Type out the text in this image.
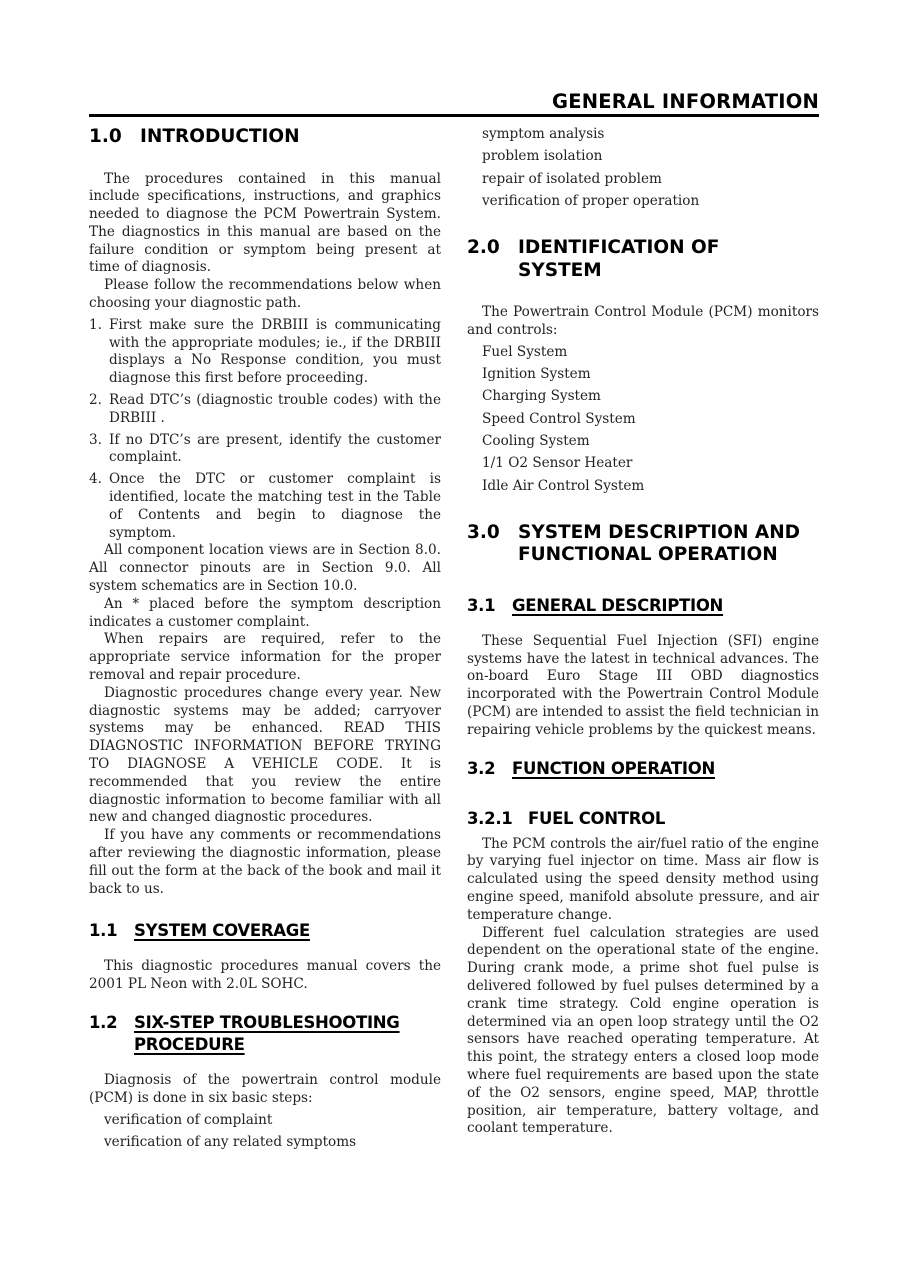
GENERAL INFORMATION
1.0 INTRODUCTION

The procedures contained in this manual include specifications, instructions, and graphics needed to diagnose the PCM Powertrain System. The diagnostics in this manual are based on the failure condition or symptom being present at time of diagnosis.

Please follow the recommendations below when choosing your diagnostic path.

1. First make sure the DRBIII is communicating with the appropriate modules; ie., if the DRBIII displays a No Response condition, you must diagnose this first before proceeding.
2. Read DTC’s (diagnostic trouble codes) with the DRBIII .
3. If no DTC’s are present, identify the customer complaint.
4. Once the DTC or customer complaint is identified, locate the matching test in the Table of Contents and begin to diagnose the symptom.

All component location views are in Section 8.0. All connector pinouts are in Section 9.0. All system schematics are in Section 10.0.

An * placed before the symptom description indicates a customer complaint.

When repairs are required, refer to the appropriate service information for the proper removal and repair procedure.

Diagnostic procedures change every year. New diagnostic systems may be added; carryover systems may be enhanced. READ THIS DIAGNOSTIC INFORMATION BEFORE TRYING TO DIAGNOSE A VEHICLE CODE. It is recommended that you review the entire diagnostic information to become familiar with all new and changed diagnostic procedures.

If you have any comments or recommendations after reviewing the diagnostic information, please fill out the form at the back of the book and mail it back to us.

1.1	SYSTEM COVERAGE

This diagnostic procedures manual covers the 2001 PL Neon with 2.0L SOHC.

1.2	SIX-STEP TROUBLESHOOTING
PROCEDURE

Diagnosis of the powertrain control module (PCM) is done in six basic steps:

verification of complaint
verification of any related symptoms
symptom analysis
problem isolation
repair of isolated problem
verification of proper operation
2.0 IDENTIFICATION OF
SYSTEM

The Powertrain Control Module (PCM) monitors and controls:

Fuel System
Ignition System
Charging System
Speed Control System
Cooling System
1/1 O2 Sensor Heater
Idle Air Control System
3.0 SYSTEM DESCRIPTION AND
FUNCTIONAL OPERATION
3.1	GENERAL DESCRIPTION

These Sequential Fuel Injection (SFI) engine systems have the latest in technical advances. The on-board Euro Stage III OBD diagnostics incorporated with the Powertrain Control Module (PCM) are intended to assist the field technician in repairing vehicle problems by the quickest means.

3.2	FUNCTION OPERATION
3.2.1 FUEL CONTROL

The PCM controls the air/fuel ratio of the engine by varying fuel injector on time. Mass air flow is calculated using the speed density method using engine speed, manifold absolute pressure, and air temperature change.

Different fuel calculation strategies are used dependent on the operational state of the engine. During crank mode, a prime shot fuel pulse is delivered followed by fuel pulses determined by a crank time strategy. Cold engine operation is determined via an open loop strategy until the O2 sensors have reached operating temperature. At this point, the strategy enters a closed loop mode where fuel requirements are based upon the state of the O2 sensors, engine speed, MAP, throttle position, air temperature, battery voltage, and coolant temperature.
